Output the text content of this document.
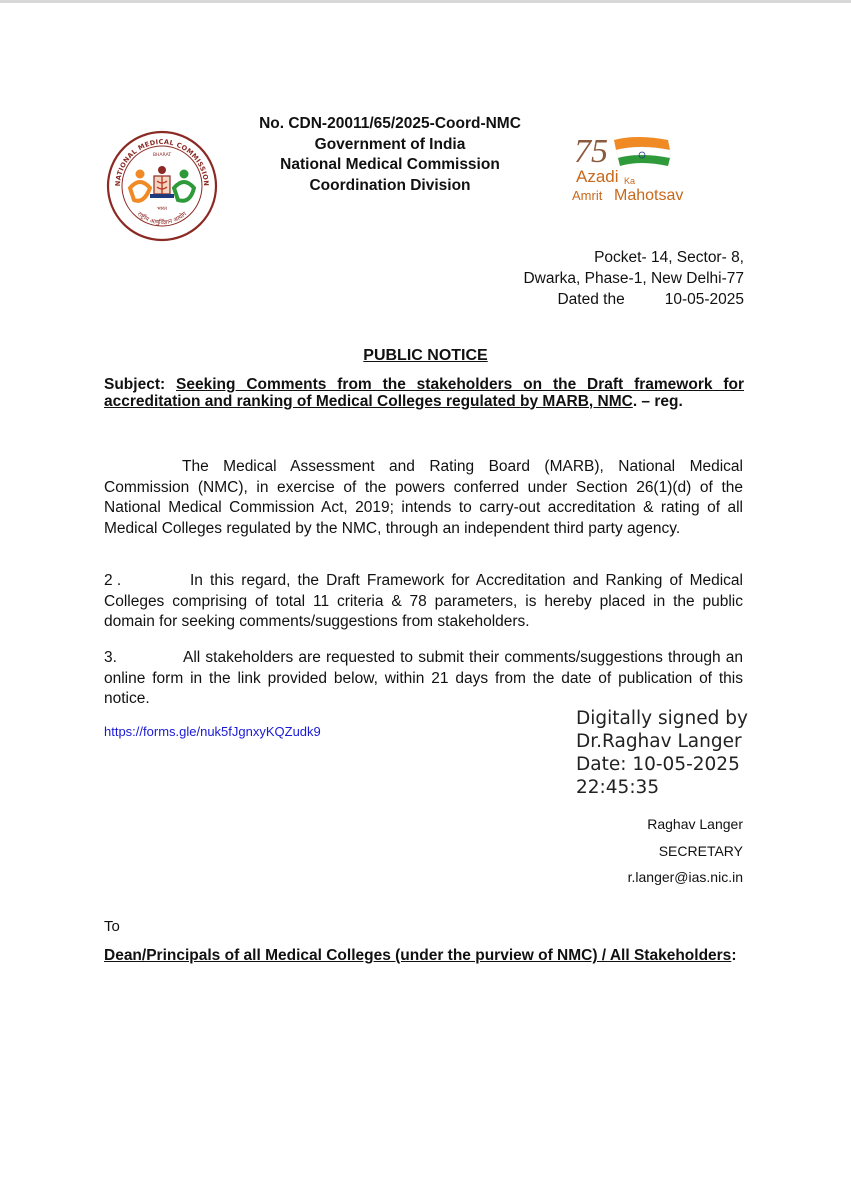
NATIONAL MEDICAL COMMISSION
BHARAT
भारत
राष्ट्रीय आयुर्विज्ञान आयोग
No. CDN-20011/65/2025-Coord-NMC
Government of India
National Medical Commission
Coordination Division
75
Azadi Ka
Amrit Mahotsav
Pocket- 14, Sector- 8,
Dwarka, Phase-1, New Delhi-77
Dated the	10-05-2025
PUBLIC NOTICE
Subject: Seeking Comments from the stakeholders on the Draft framework for accreditation and ranking of Medical Colleges regulated by MARB, NMC. – reg.
The Medical Assessment and Rating Board (MARB), National Medical Commission (NMC), in exercise of the powers conferred under Section 26(1)(d) of the National Medical Commission Act, 2019; intends to carry-out accreditation & rating of all Medical Colleges regulated by the NMC, through an independent third party agency.
2 .	In this regard, the Draft Framework for Accreditation and Ranking of Medical Colleges comprising of total 11 criteria & 78 parameters, is hereby placed in the public domain for seeking comments/suggestions from stakeholders.
3.	All stakeholders are requested to submit their comments/suggestions through an online form in the link provided below, within 21 days from the date of publication of this notice.
https://forms.gle/nuk5fJgnxyKQZudk9
Digitally signed by
Dr.Raghav Langer
Date: 10-05-2025
22:45:35
Raghav Langer
SECRETARY
r.langer@ias.nic.in
To
Dean/Principals of all Medical Colleges (under the purview of NMC) / All Stakeholders:
